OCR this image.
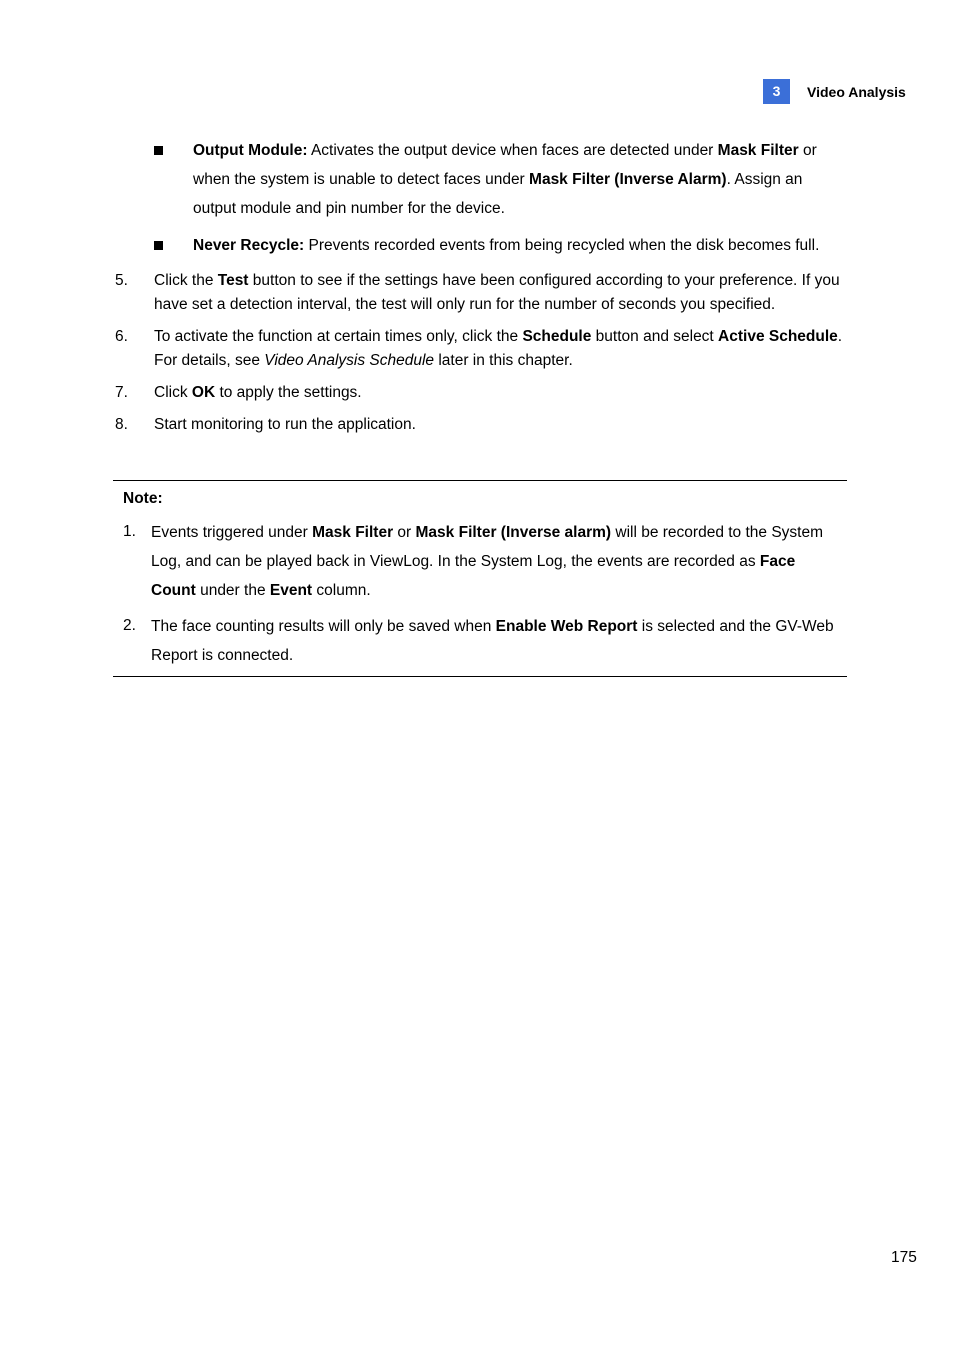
3	Video Analysis
Output Module: Activates the output device when faces are detected under Mask Filter or when the system is unable to detect faces under Mask Filter (Inverse Alarm). Assign an output module and pin number for the device.
Never Recycle: Prevents recorded events from being recycled when the disk becomes full.
5. Click the Test button to see if the settings have been configured according to your preference. If you have set a detection interval, the test will only run for the number of seconds you specified.
6. To activate the function at certain times only, click the Schedule button and select Active Schedule. For details, see Video Analysis Schedule later in this chapter.
7. Click OK to apply the settings.
8. Start monitoring to run the application.
Note:
1. Events triggered under Mask Filter or Mask Filter (Inverse alarm) will be recorded to the System Log, and can be played back in ViewLog. In the System Log, the events are recorded as Face Count under the Event column.
2. The face counting results will only be saved when Enable Web Report is selected and the GV-Web Report is connected.
175
